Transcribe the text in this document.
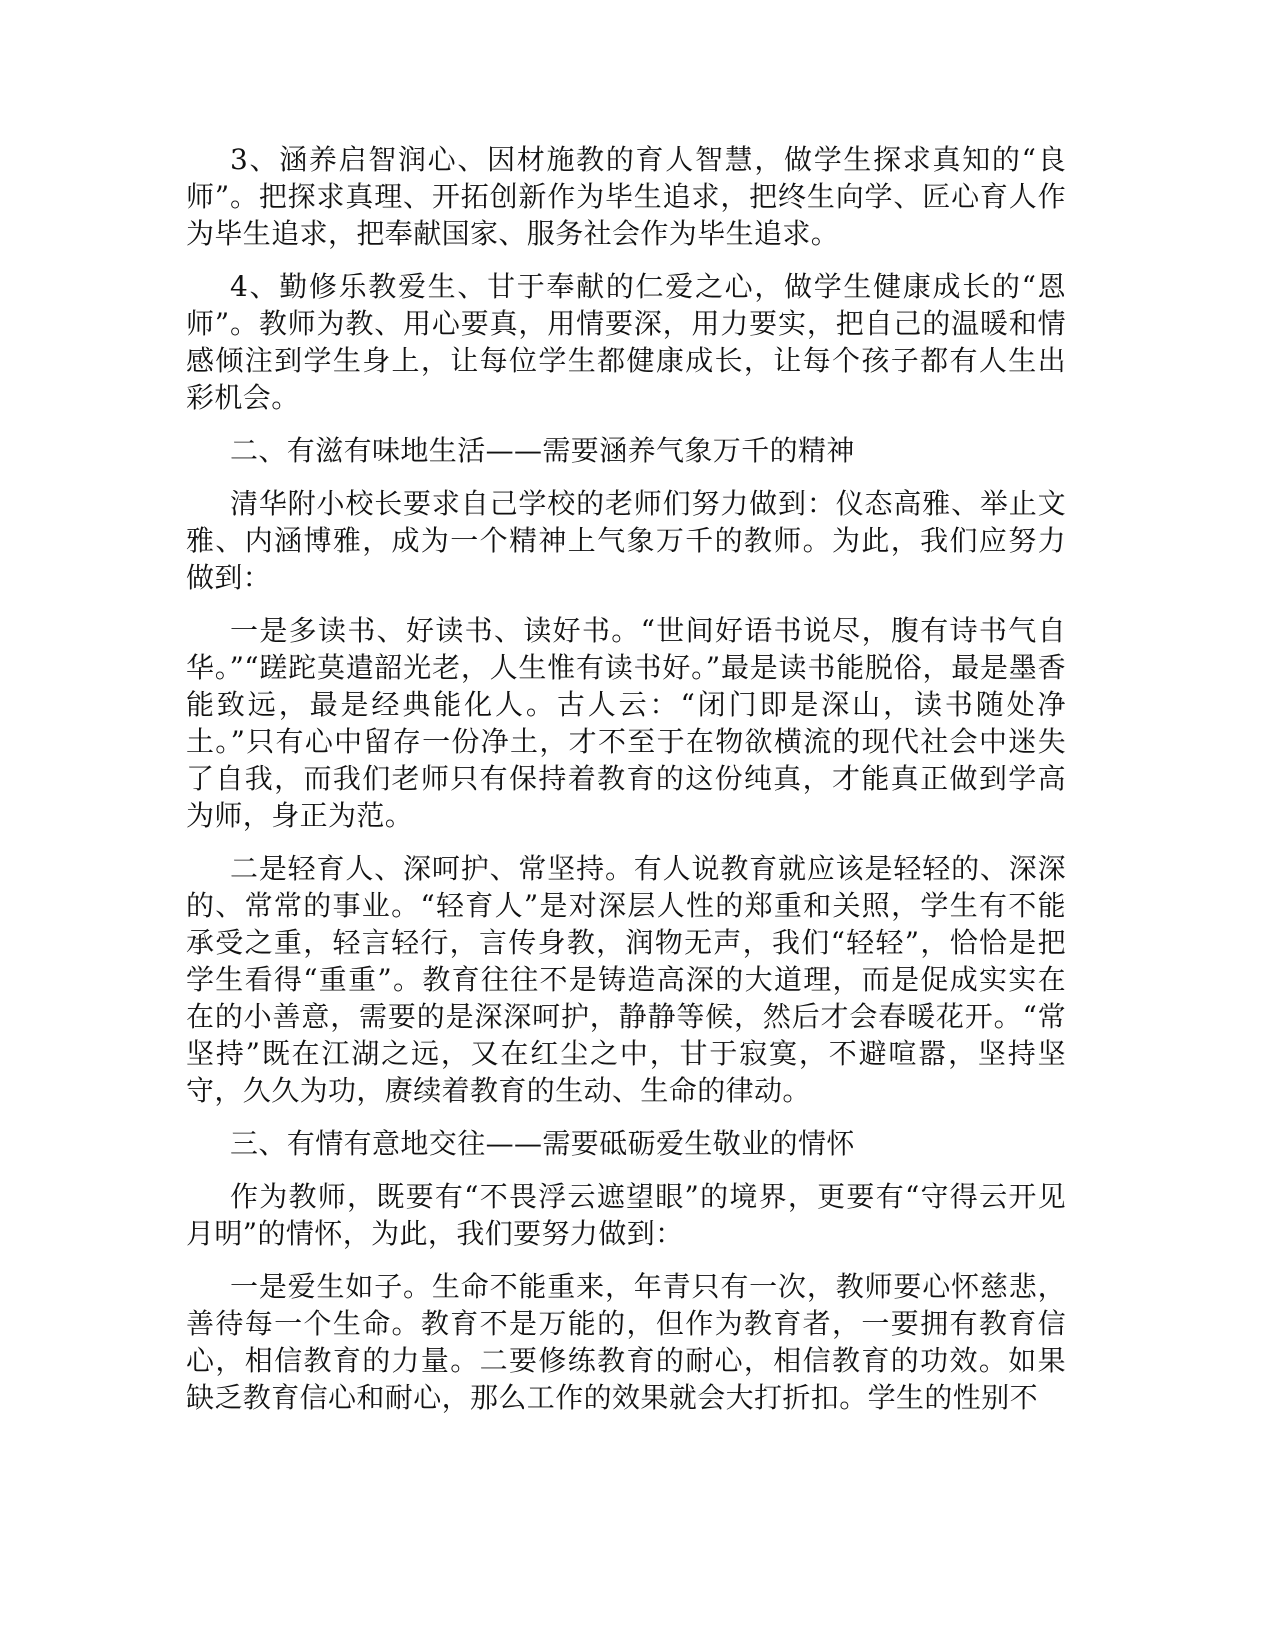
3、涵养启智润心、因材施教的育人智慧，做学生探求真知的“良师”。把探求真理、开拓创新作为毕生追求，把终生向学、匠心育人作为毕生追求，把奉献国家、服务社会作为毕生追求。

4、勤修乐教爱生、甘于奉献的仁爱之心，做学生健康成长的“恩师”。教师为教、用心要真，用情要深，用力要实，把自己的温暖和情感倾注到学生身上，让每位学生都健康成长，让每个孩子都有人生出彩机会。

二、有滋有味地生活——需要涵养气象万千的精神

清华附小校长要求自己学校的老师们努力做到：仪态高雅、举止文雅、内涵博雅，成为一个精神上气象万千的教师。为此，我们应努力做到：

一是多读书、好读书、读好书。“世间好语书说尽，腹有诗书气自华。”“蹉跎莫遣韶光老，人生惟有读书好。”最是读书能脱俗，最是墨香能致远，最是经典能化人。古人云：“闭门即是深山，读书随处净土。”只有心中留存一份净土，才不至于在物欲横流的现代社会中迷失了自我，而我们老师只有保持着教育的这份纯真，才能真正做到学高为师，身正为范。

二是轻育人、深呵护、常坚持。有人说教育就应该是轻轻的、深深的、常常的事业。“轻育人”是对深层人性的郑重和关照，学生有不能承受之重，轻言轻行，言传身教，润物无声，我们“轻轻”，恰恰是把学生看得“重重”。教育往往不是铸造高深的大道理，而是促成实实在在的小善意，需要的是深深呵护，静静等候，然后才会春暖花开。“常坚持”既在江湖之远，又在红尘之中，甘于寂寞，不避喧嚣，坚持坚守，久久为功，赓续着教育的生动、生命的律动。

三、有情有意地交往——需要砥砺爱生敬业的情怀

作为教师，既要有“不畏浮云遮望眼”的境界，更要有“守得云开见月明”的情怀，为此，我们要努力做到：

一是爱生如子。生命不能重来，年青只有一次，教师要心怀慈悲，善待每一个生命。教育不是万能的，但作为教育者，一要拥有教育信心，相信教育的力量。二要修练教育的耐心，相信教育的功效。如果缺乏教育信心和耐心，那么工作的效果就会大打折扣。学生的性别不
